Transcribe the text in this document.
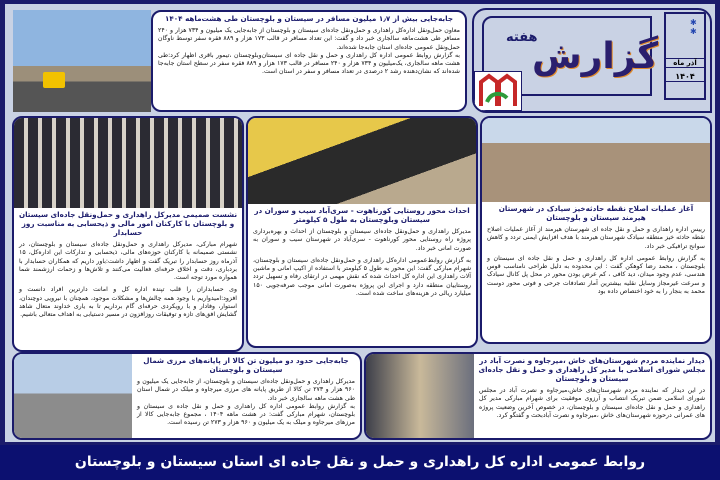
هفته
گزارش
✱
✱
آذر ماه
۱۴۰۴
جابه‌جایی بیش از ۱٫۷ میلیون مسافر در سیستان و بلوچستان طی هشت‌ماهه ۱۴۰۴
معاون حمل‌ونقل اداره‌کل راهداری و حمل‌ونقل جاده‌ای سیستان و بلوچستان از جابه‌جایی یک میلیون و ۷۳۴ هزار و ۲۴۰ مسافر طی هشت‌ماهه سالجاری خبر داد و گفت: این تعداد مسافر در قالب ۱۷۳ هزار و ۸۸۹ فقره سفر توسط ناوگان حمل‌ونقل عمومی جاده‌ای استان جابه‌جا شده‌اند.
به گزارش روابط عمومی اداره کل راهداری و حمل و نقل جاده ای سیستان‌وبلوچستان ،تیمور باقری اظهار کرد:طی هشت ماهه سالجاری، یک‌میلیون و ۷۳۴ هزار و ۲۴۰ مسافر در قالب ۱۷۳ هزار و ۸۸۹ فقره سفر در سطح استان جابه‌جا شده‌اند که نشان‌دهنده رشد ۲ درصدی در تعداد مسافر و سفر در استان است.
آغاز عملیات اصلاح نقطه حادثه‌خیز سیادک در شهرستان هیرمند سیستان و بلوچستان
رییس اداره راهداری و حمل و نقل جاده ای شهرستان هیرمند از آغاز عملیات اصلاح نقطه حادثه خیز منطقه سیادک شهرستان هیرمند با هدف افزایش ایمنی تردد و کاهش سوانح ترافیکی خبر داد.
به گزارش روابط عمومی اداره کل راهداری و حمل و نقل جاده ای سیستان و بلوچستان ، محمد رضا کوهکن گفت : این محدوده به دلیل طراحی نامناسب قوس هندسی، عدم وجود میدان، دید کافی ، کم عرض بودن محور در محل پل کانال سیادک و سرعت غیرمجاز وسایل نقلیه بیشترین آمار تصادفات جرحی و فوتی محور دوست محمد به بنجار را به خود اختصاص داده بود
احداث محور روستایی کورناهوت - سری‌آباد سیب و سوران در سیستان وبلوچستان به طول ۵ کیلومتر
مدیرکل راهداری و حمل‌ونقل جاده‌ای سیستان و بلوچستان از احداث و بهره‌برداری پروژه راه روستایی محور کورناهوت - سری‌آباد در شهرستان سیب و سوران به صورت امانی خبر داد.
به گزارش روابط‌عمومی اداره‌کل راهداری و حمل‌ونقل جاده‌ای سیستان و بلوچستان، شهرام مبارکی گفت: این محور به طول ۵ کیلومتر با استفاده از اکیپ امانی و ماشین آلات راهداری این اداره کل احداث شده که نقش مهمی در ارتقای رفاه و تسهیل تردد روستاییان منطقه دارد و اجرای این پروژه به‌صورت امانی موجب صرفه‌جویی ۱۵۰ میلیارد ریالی در هزینه‌های ساخت شده است.
نشست صمیمی مدیرکل راهداری و حمل‌ونقل جاده‌ای سیستان و بلوچستان با کارکنان امور مالی و ذیحسابی به مناسبت روز حسابدار
شهرام مبارکی، مدیرکل راهداری و حمل‌ونقل جاده‌ای سیستان و بلوچستان، در نشستی صمیمانه با کارکنان حوزه‌های مالی، ذیحسابی و تدارکات این اداره‌کل، ۱۵ آذرماه روز حسابدار را تبریک گفت و اظهار داشت:باور داریم که همکاران حسابدار با بردباری، دقت و اخلاق حرفه‌ای فعالیت می‌کنند و تلاش‌ها و زحمات ارزشمند شما همواره مورد توجه است.
وی حسابداران را قلب تپنده اداره کل و امانت دارترین افراد دانست و افزود:امیدواریم با وجود همه چالش‌ها و مشکلات موجود، همچنان با نیرویی دوچندان، استوار، وفادار و با رویکردی حرفه‌ای گام برداریم تا به یاری خداوند متعال شاهد گشایش افق‌های تازه و توفیقات روزافزون در مسیر دستیابی به اهداف متعالی باشیم.
جابه‌جایی حدود دو میلیون تن کالا از پایانه‌های مرزی شمال سیستان و بلوچستان
مدیرکل راهداری و حمل‌ونقل جاده‌ای سیستان و بلوچستان، از جابه‌جایی یک میلیون و ۹۶۰ هزار و ۲۷۳ تن کالا از طریق پایانه های مرزی میرجاوه و میلک در شمال استان طی هشت ماهه سالجاری خبر داد.
به گزارش روابط عمومی اداره کل راهداری و حمل و نقل جاده ی سیستان و بلوچستان، شهرام مبارکی گفت: در هشت ماهه ۱۴۰۴ ، مجموع جابه‌جایی کالا از مرزهای میرجاوه و میلک به یک میلیون و ۹۶۰ هزار و ۲۷۳ تن رسیده است.
دیدار نماینده مردم شهرستان‌های خاش ،میرجاوه و نصرت آباد در مجلس شورای اسلامی با مدیر کل راهداری و حمل و نقل جاده‌ای سیستان و بلوچستان
در این دیدار که نماینده مردم شهرستان‌های خاش،میرجاوه و نصرت آباد در مجلس شورای اسلامی ضمن تبریک انتصاب و آرزوی موفقیت برای شهرام مبارکی مدیر کل راهداری و حمل و نقل جاده‌ای سیستان و بلوچستان، در خصوص آخرین وضعیت پروژه های عمرانی درحوزه شهرستان‌های خاش ،میرجاوه و نصرت آبادبحث و گفتگو کرد.
روابط عمومی اداره کل راهداری و حمل و نقل جاده ای استان سیستان و بلوچستان
